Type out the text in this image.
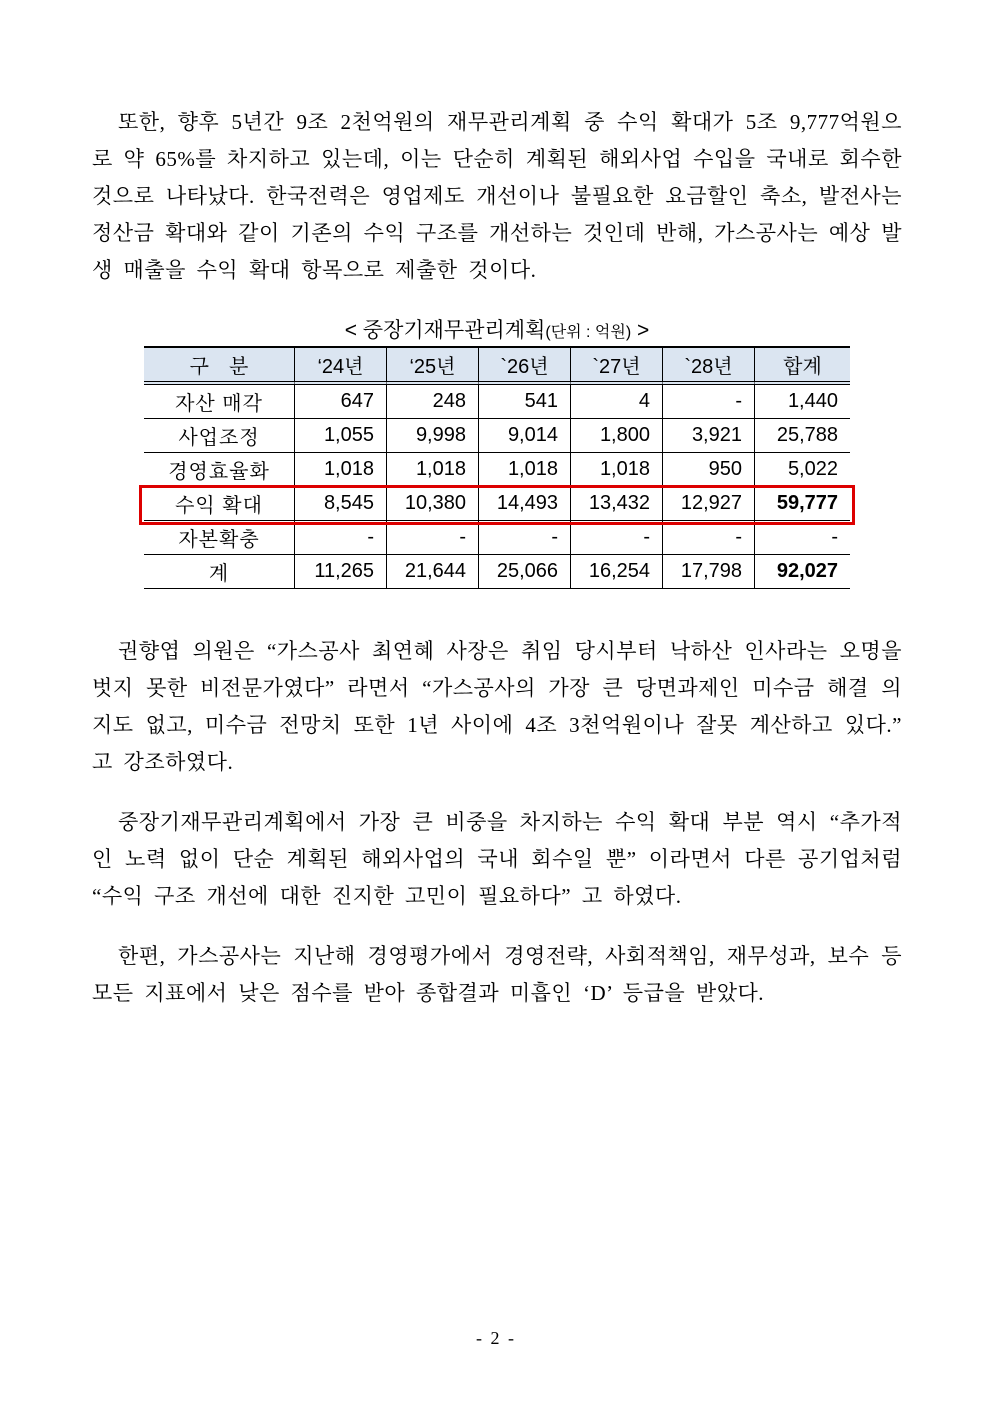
또한, 향후 5년간 9조 2천억원의 재무관리계획 중 수익 확대가 5조 9,777억원으로 약 65%를 차지하고 있는데, 이는 단순히 계획된 해외사업 수입을 국내로 회수한 것으로 나타났다. 한국전력은 영업제도 개선이나 불필요한 요금할인 축소, 발전사는 정산금 확대와 같이 기존의 수익 구조를 개선하는 것인데 반해, 가스공사는 예상 발생 매출을 수익 확대 항목으로 제출한 것이다.

< 중장기재무관리계획(단위 : 억원) >
구　분	‘24년	‘25년	`26년	`27년	`28년	합계
자산 매각	647	248	541	4	-	1,440
사업조정	1,055	9,998	9,014	1,800	3,921	25,788
경영효율화	1,018	1,018	1,018	1,018	950	5,022
수익 확대	8,545	10,380	14,493	13,432	12,927	59,777
자본확충	-	-	-	-	-	-
계	11,265	21,644	25,066	16,254	17,798	92,027

권향엽 의원은 “가스공사 최연혜 사장은 취임 당시부터 낙하산 인사라는 오명을 벗지 못한 비전문가였다” 라면서 “가스공사의 가장 큰 당면과제인 미수금 해결 의지도 없고, 미수금 전망치 또한 1년 사이에 4조 3천억원이나 잘못 계산하고 있다.” 고 강조하였다.

중장기재무관리계획에서 가장 큰 비중을 차지하는 수익 확대 부분 역시 “추가적인 노력 없이 단순 계획된 해외사업의 국내 회수일 뿐” 이라면서 다른 공기업처럼 “수익 구조 개선에 대한 진지한 고민이 필요하다” 고 하였다.

한편, 가스공사는 지난해 경영평가에서 경영전략, 사회적책임, 재무성과, 보수 등 모든 지표에서 낮은 점수를 받아 종합결과 미흡인 ‘D’ 등급을 받았다.

- 2 -
